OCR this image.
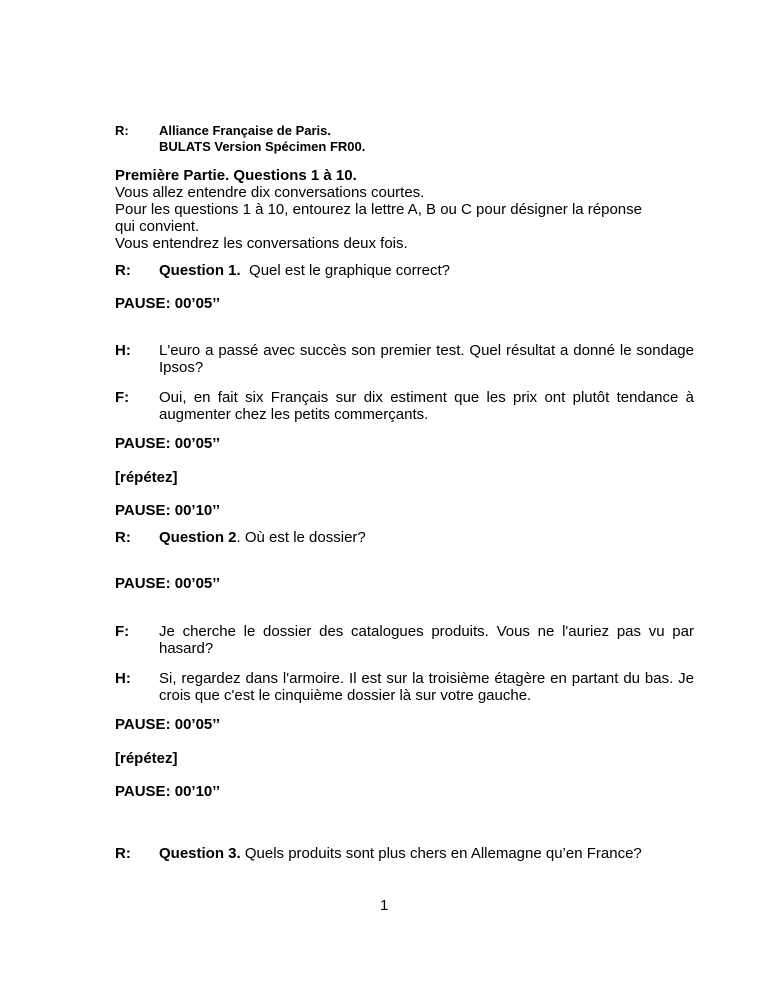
R: Alliance Française de Paris.
BULATS Version Spécimen FR00.
Première Partie. Questions 1 à 10.
Vous allez entendre dix conversations courtes.
Pour les questions 1 à 10, entourez la lettre A, B ou C pour désigner la réponse
qui convient.
Vous entendrez les conversations deux fois.
R: Question 1. Quel est le graphique correct?
PAUSE: 00’05’’
H: L'euro a passé avec succès son premier test. Quel résultat a donné le sondage Ipsos?
F: Oui, en fait six Français sur dix estiment que les prix ont plutôt tendance à augmenter chez les petits commerçants.
PAUSE: 00’05’’
[répétez]
PAUSE: 00’10’’
R: Question 2. Où est le dossier?
PAUSE: 00’05’’
F: Je cherche le dossier des catalogues produits. Vous ne l'auriez pas vu par hasard?
H: Si, regardez dans l'armoire. Il est sur la troisième étagère en partant du bas. Je crois que c'est le cinquième dossier là sur votre gauche.
PAUSE: 00’05’’
[répétez]
PAUSE: 00’10’’
R: Question 3. Quels produits sont plus chers en Allemagne qu’en France?
1
